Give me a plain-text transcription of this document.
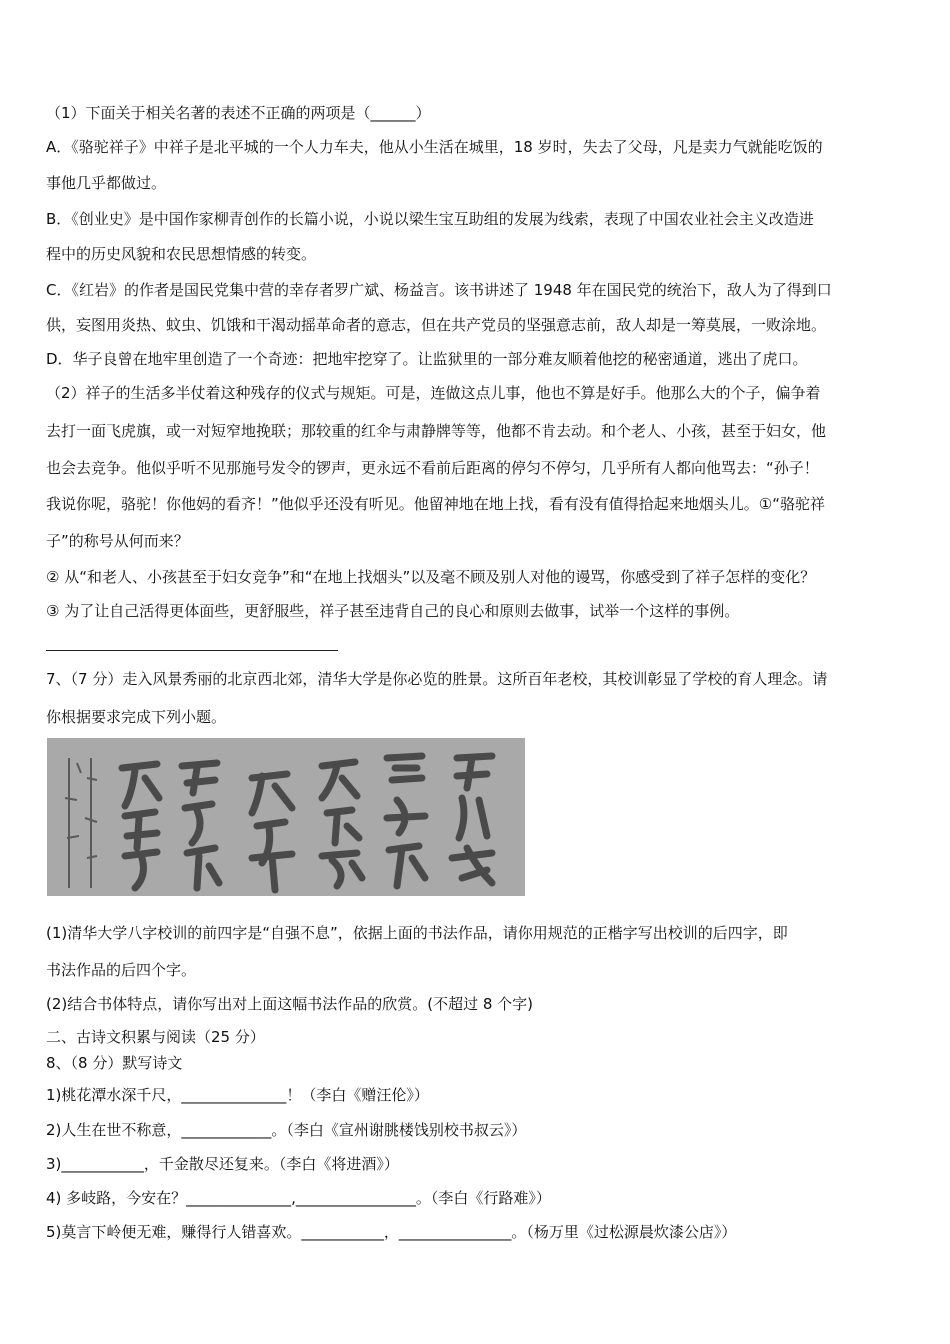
（1）下面关于相关名著的表述不正确的两项是（______）
A．《骆驼祥子》中祥子是北平城的一个人力车夫，他从小生活在城里，18 岁时，失去了父母，凡是卖力气就能吃饭的
事他几乎都做过。
B．《创业史》是中国作家柳青创作的长篇小说，小说以梁生宝互助组的发展为线索，表现了中国农业社会主义改造进
程中的历史风貌和农民思想情感的转变。
C．《红岩》的作者是国民党集中营的幸存者罗广斌、杨益言。该书讲述了 1948 年在国民党的统治下，敌人为了得到口
供，妄图用炎热、蚊虫、饥饿和干渴动摇革命者的意志，但在共产党员的坚强意志前，敌人却是一筹莫展，一败涂地。
D．华子良曾在地牢里创造了一个奇迹：把地牢挖穿了。让监狱里的一部分难友顺着他挖的秘密通道，逃出了虎口。
（2）祥子的生活多半仗着这种残存的仪式与规矩。可是，连做这点儿事，他也不算是好手。他那么大的个子，偏争着
去打一面飞虎旗，或一对短窄地挽联；那较重的红伞与肃静牌等等，他都不肯去动。和个老人、小孩，甚至于妇女，他
也会去竞争。他似乎听不见那施号发令的锣声，更永远不看前后距离的停匀不停匀，几乎所有人都向他骂去：“孙子！
我说你呢，骆驼！你他妈的看齐！”他似乎还没有听见。他留神地在地上找，看有没有值得拾起来地烟头儿。①“骆驼祥
子”的称号从何而来？
② 从“和老人、小孩甚至于妇女竞争”和“在地上找烟头”以及毫不顾及别人对他的谩骂，你感受到了祥子怎样的变化？
③ 为了让自己活得更体面些，更舒服些，祥子甚至违背自己的良心和原则去做事，试举一个这样的事例。
7、（7 分）走入风景秀丽的北京西北郊，清华大学是你必览的胜景。这所百年老校，其校训彰显了学校的育人理念。请
你根据要求完成下列小题。
(1)清华大学八字校训的前四字是“自强不息”，依据上面的书法作品，请你用规范的正楷字写出校训的后四字，即
书法作品的后四个字。
(2)结合书体特点，请你写出对上面这幅书法作品的欣赏。(不超过 8 个字)
二、古诗文积累与阅读（25 分）
8、（8 分）默写诗文
1)桃花潭水深千尺，______________！（李白《赠汪伦》）
2)人生在世不称意，____________。（李白《宣州谢朓楼饯别校书叔云》）
3)___________，千金散尽还复来。（李白《将进酒》）
4) 多岐路，今安在？______________,________________。（李白《行路难》）
5)莫言下岭便无难，赚得行人错喜欢。___________，_______________。（杨万里《过松源晨炊漆公店》）
